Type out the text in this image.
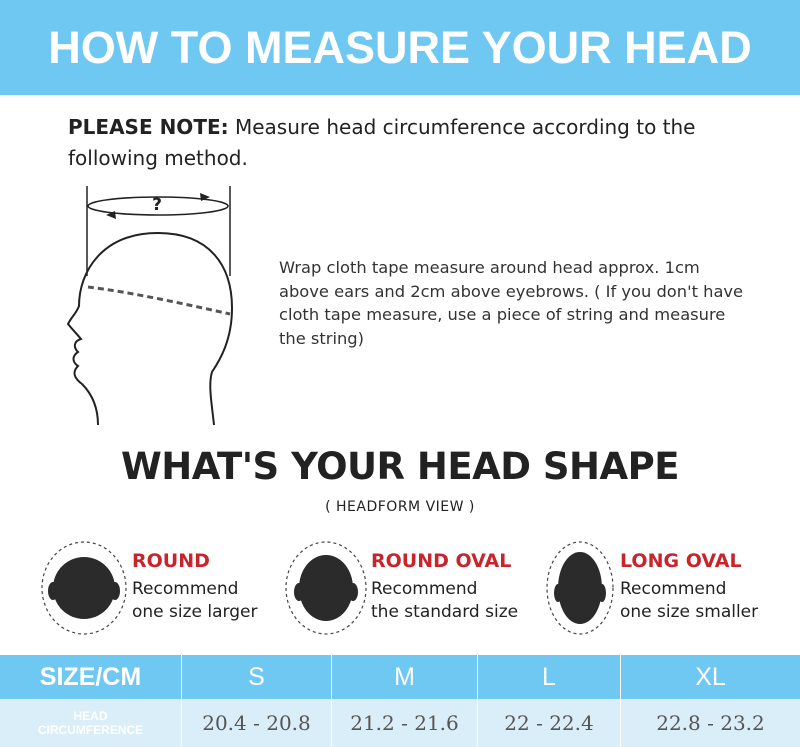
HOW TO MEASURE YOUR HEAD
PLEASE NOTE: Measure head circumference according to the following method.
?
Wrap cloth tape measure around head approx. 1cm above ears and 2cm above eyebrows. ( If you don't have cloth tape measure, use a piece of string and measure the string)
WHAT'S YOUR HEAD SHAPE
( HEADFORM VIEW )
ROUND
Recommend
one size larger
ROUND OVAL
Recommend
the standard size
LONG OVAL
Recommend
one size smaller
SIZE/CM	S	M	L	XL
HEAD
CIRCUMFERENCE	20.4 - 20.8	21.2 - 21.6	22 - 22.4	22.8 - 23.2
